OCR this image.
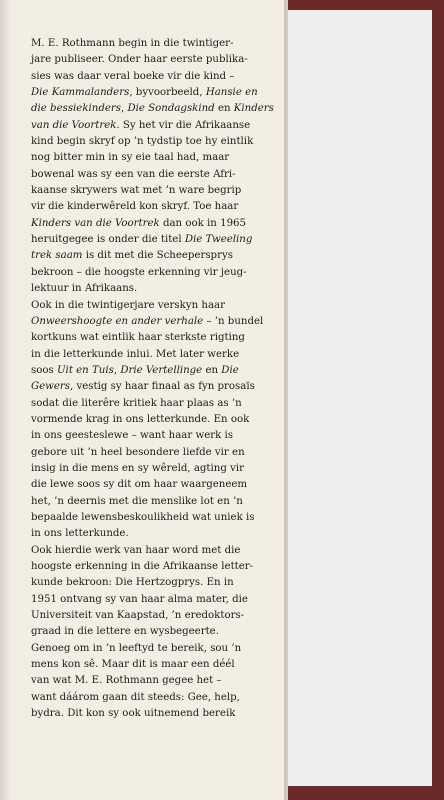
M. E. Rothmann begin in die twintiger-
jare publiseer. Onder haar eerste publika-
sies was daar veral boeke vir die kind –
Die Kammalanders, byvoorbeeld, Hansie en
die bessiekinders, Die Sondagskind en Kinders
van die Voortrek. Sy het vir die Afrikaanse
kind begin skryf op ’n tydstip toe hy eintlik
nog bitter min in sy eie taal had, maar
bowenal was sy een van die eerste Afri-
kaanse skrywers wat met ’n ware begrip
vir die kinderwêreld kon skryf. Toe haar
Kinders van die Voortrek dan ook in 1965
heruitgegee is onder die titel Die Tweeling
trek saam is dit met die Scheepersprys
bekroon – die hoogste erkenning vir jeug-
lektuur in Afrikaans.
Ook in die twintigerjare verskyn haar
Onweershoogte en ander verhale – ’n bundel
kortkuns wat eintlik haar sterkste rigting
in die letterkunde inlui. Met later werke
soos Uit en Tuis, Drie Vertellinge en Die
Gewers, vestig sy haar finaal as fyn prosaïs
sodat die literêre kritiek haar plaas as ’n
vormende krag in ons letterkunde. En ook
in ons geesteslewe – want haar werk is
gebore uit ’n heel besondere liefde vir en
insig in die mens en sy wêreld, agting vir
die lewe soos sy dit om haar waargeneem
het, ’n deernis met die menslike lot en ’n
bepaalde lewensbeskoulikheid wat uniek is
in ons letterkunde.
Ook hierdie werk van haar word met die
hoogste erkenning in die Afrikaanse letter-
kunde bekroon: Die Hertzogprys. En in
1951 ontvang sy van haar alma mater, die
Universiteit van Kaapstad, ’n eredoktors-
graad in die lettere en wysbegeerte.
Genoeg om in ’n leeftyd te bereik, sou ’n
mens kon sê. Maar dit is maar een déél
van wat M. E. Rothmann gegee het –
want dáárom gaan dit steeds: Gee, help,
bydra. Dit kon sy ook uitnemend bereik
